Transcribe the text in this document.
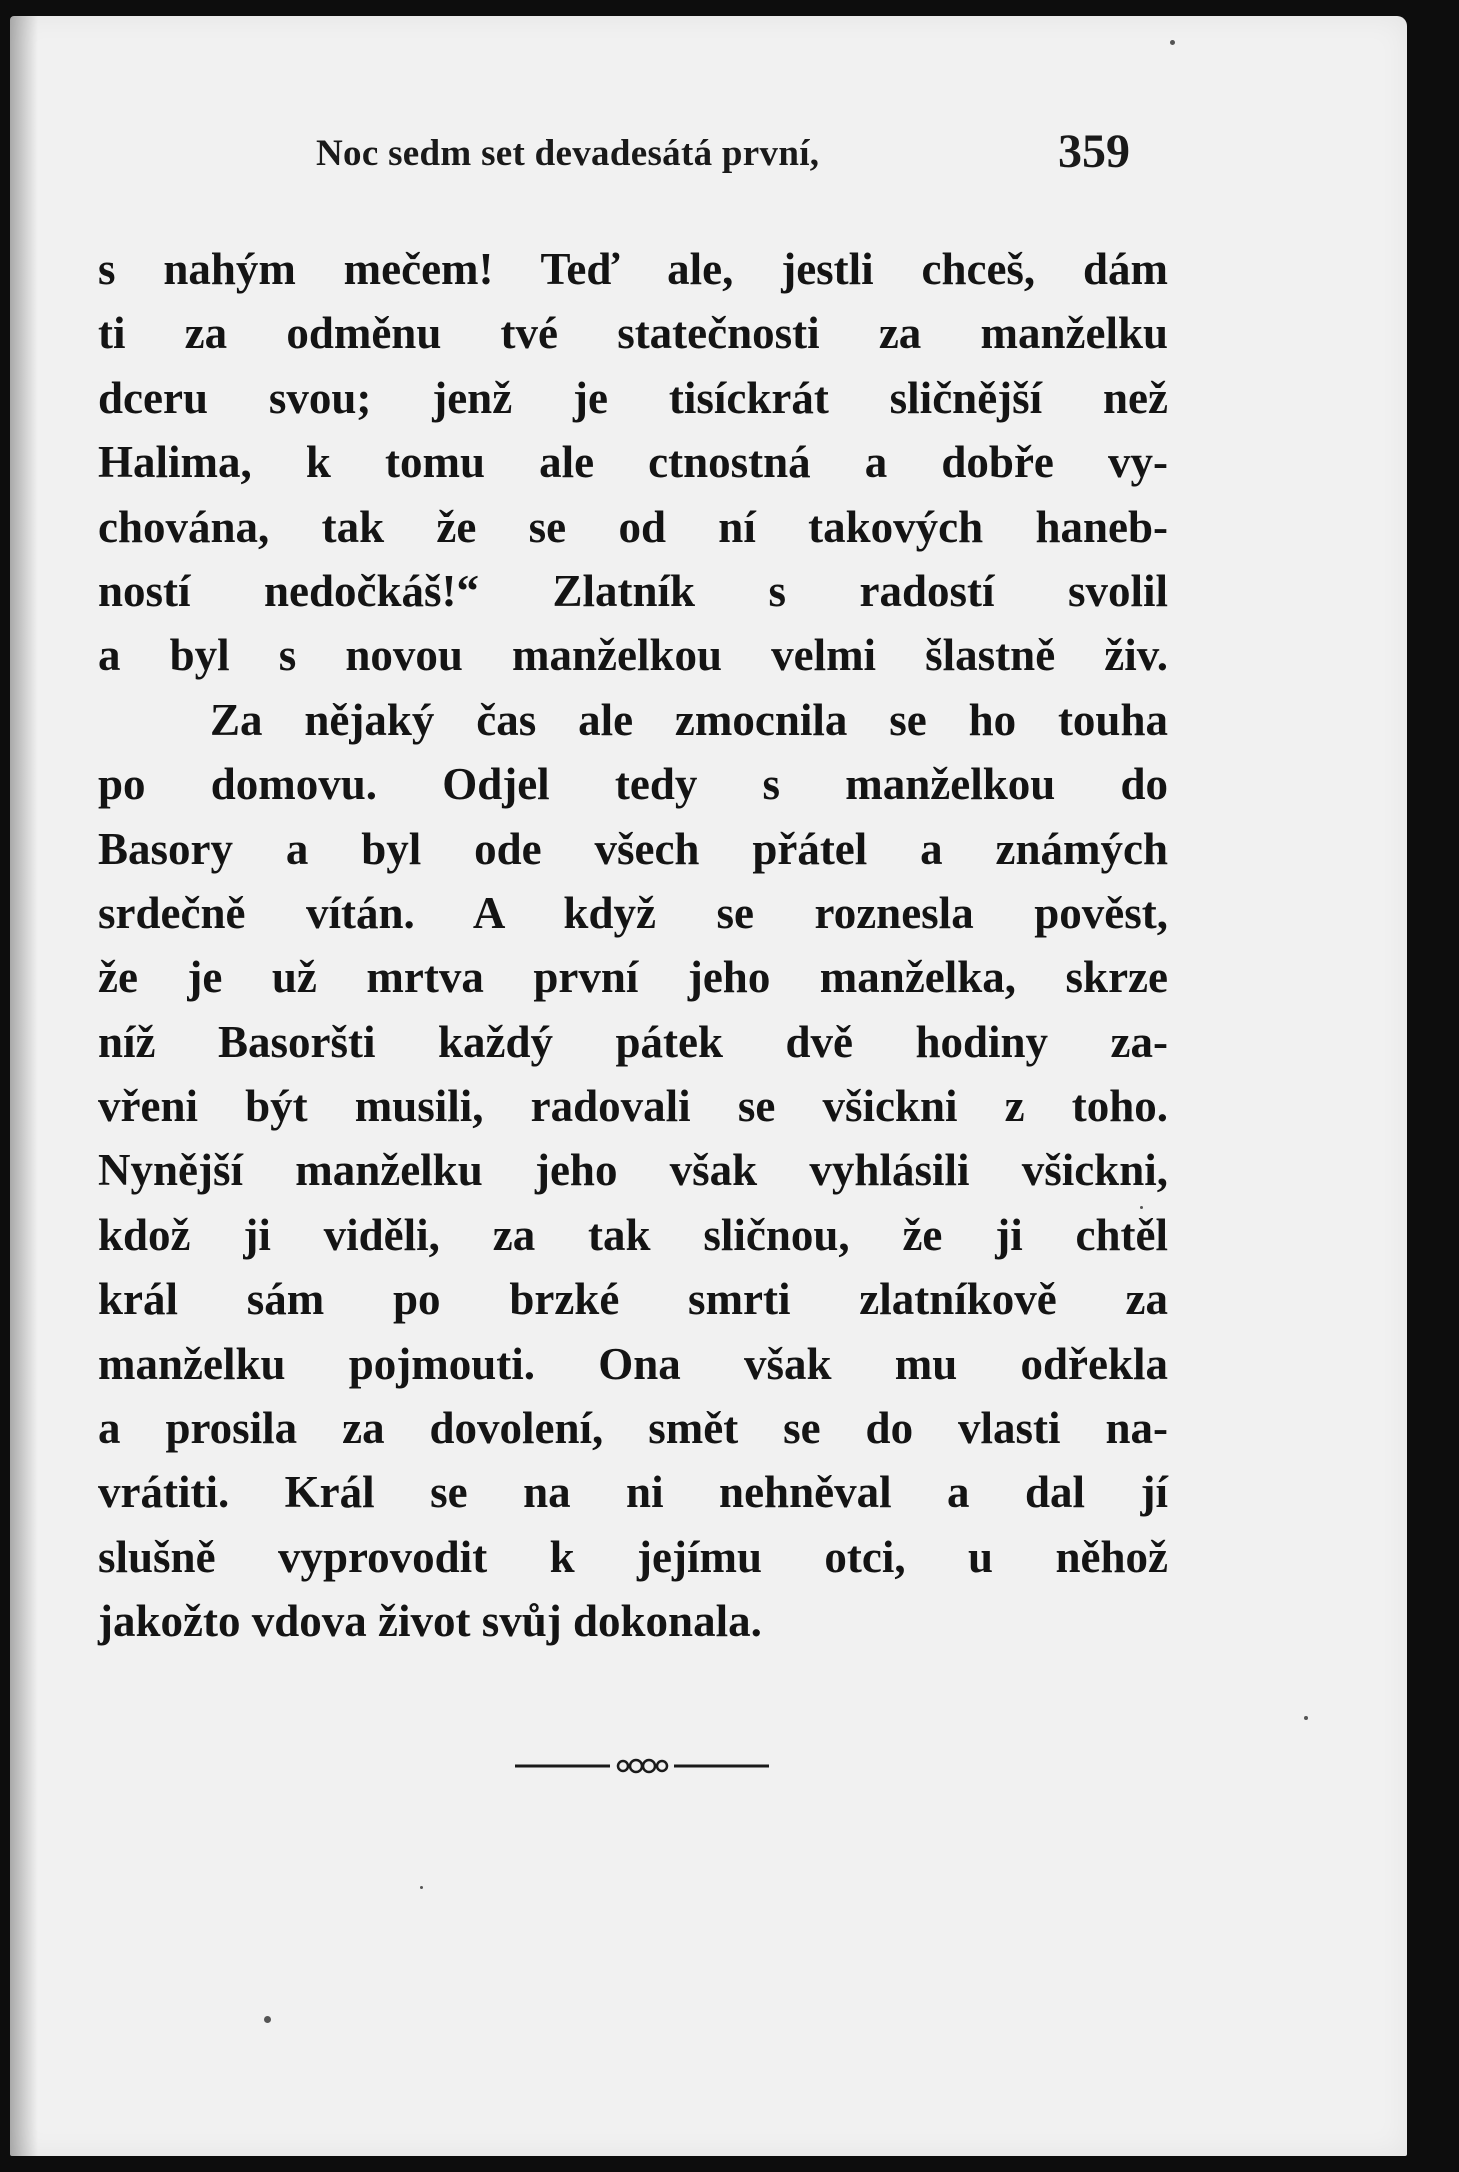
Noc sedm set devadesátá první,	359
s nahým mečem! Teď ale, jestli chceš, dám
ti za odměnu tvé statečnosti za manželku
dceru svou; jenž je tisíckrát sličnější než
Halima, k tomu ale ctnostná a dobře vy-
chována, tak že se od ní takových haneb-
ností nedočkáš!“ Zlatník s radostí svolil
a byl s novou manželkou velmi šlastně živ.
Za nějaký čas ale zmocnila se ho touha
po domovu. Odjel tedy s manželkou do
Basory a byl ode všech přátel a známých
srdečně vítán. A když se roznesla pověst,
že je už mrtva první jeho manželka, skrze
níž Basoršti každý pátek dvě hodiny za-
vřeni být musili, radovali se všickni z toho.
Nynější manželku jeho však vyhlásili všickni,
kdož ji viděli, za tak sličnou, že ji chtěl
král sám po brzké smrti zlatníkově za
manželku pojmouti. Ona však mu odřekla
a prosila za dovolení, smět se do vlasti na-
vrátiti. Král se na ni nehněval a dal jí
slušně vyprovodit k jejímu otci, u něhož
jakožto vdova život svůj dokonala.
